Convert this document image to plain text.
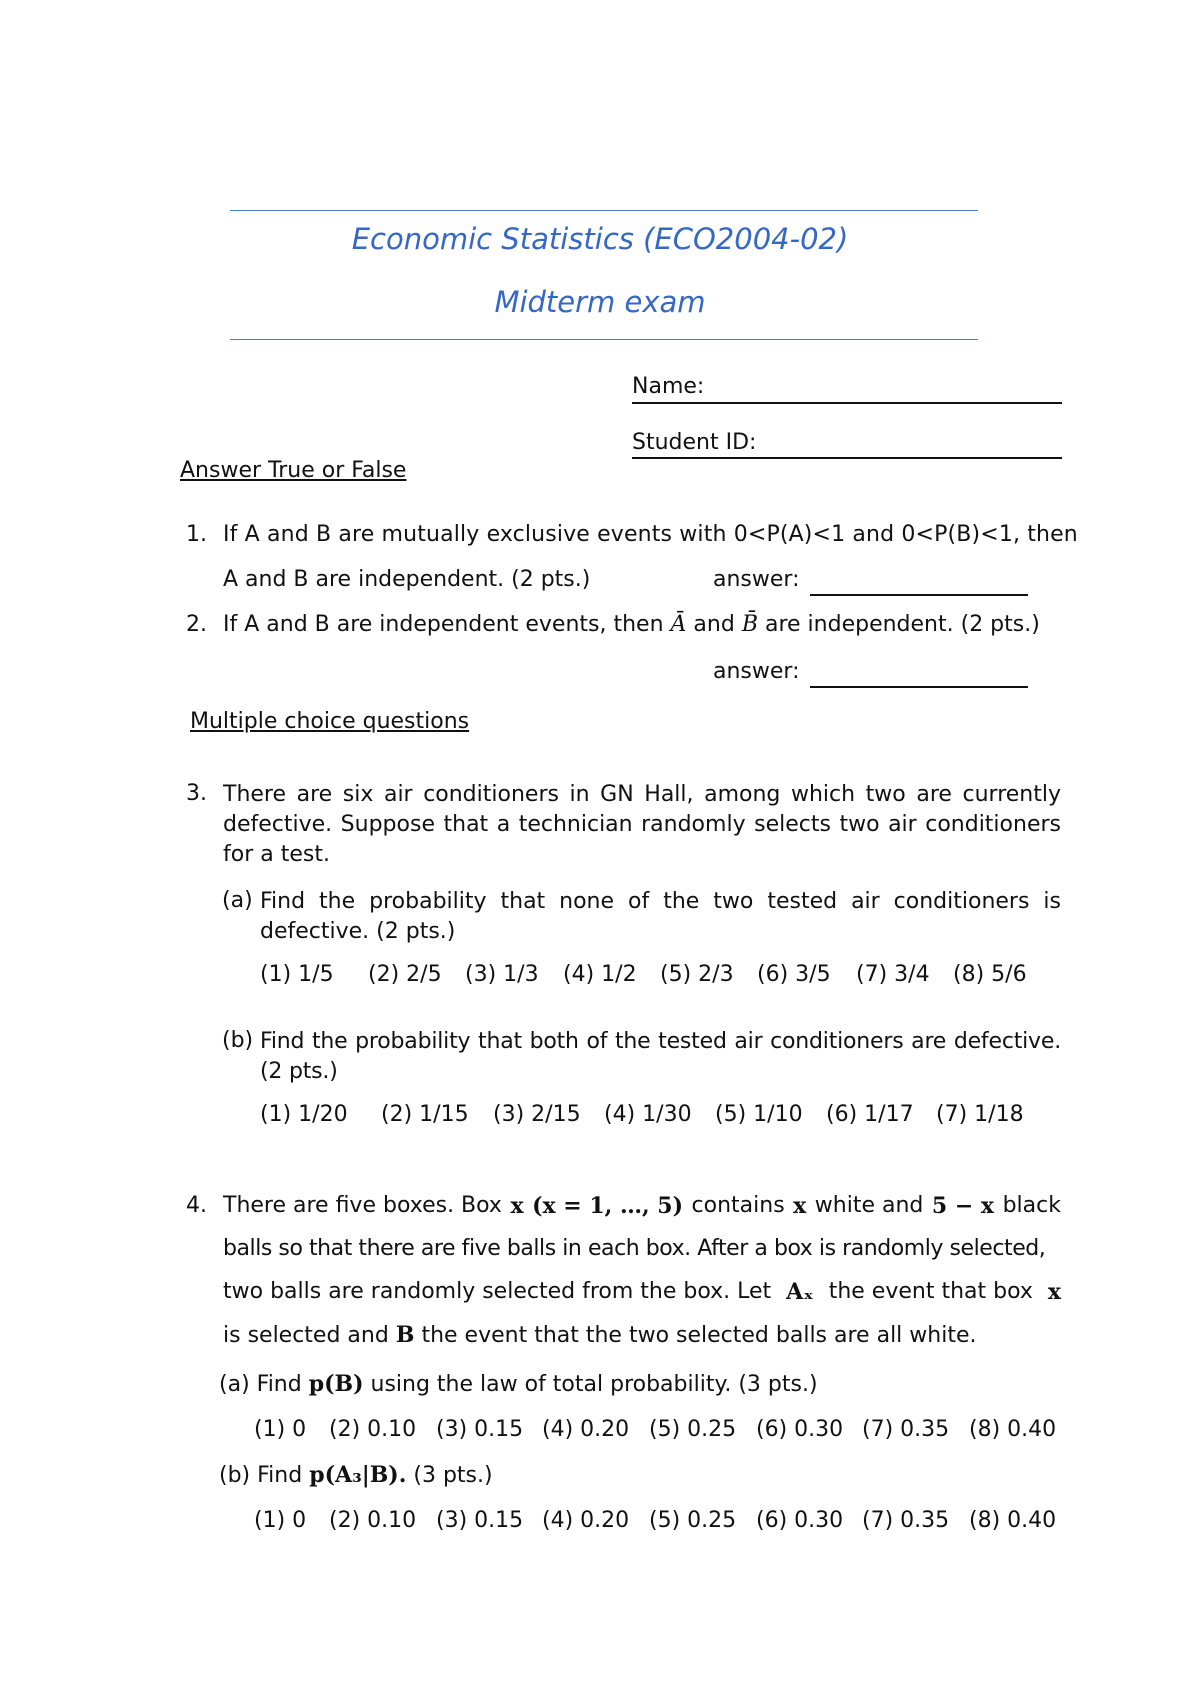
Economic Statistics (ECO2004-02)
Midterm exam
Name:
Student ID:
Answer True or False
1. If A and B are mutually exclusive events with 0<P(A)<1 and 0<P(B)<1, then
A and B are independent. (2 pts.)	answer:
2. If A and B are independent events, then Ā and B̄ are independent. (2 pts.)
answer:
Multiple choice questions
3. There are six air conditioners in GN Hall, among which two are currently defective. Suppose that a technician randomly selects two air conditioners for a test.
(a) Find the probability that none of the two tested air conditioners is defective. (2 pts.)
(1) 1/5 (2) 2/5 (3) 1/3 (4) 1/2 (5) 2/3 (6) 3/5 (7) 3/4 (8) 5/6
(b) Find the probability that both of the tested air conditioners are defective. (2 pts.)
(1) 1/20 (2) 1/15 (3) 2/15 (4) 1/30 (5) 1/10 (6) 1/17 (7) 1/18
4. There are five boxes. Box x (x = 1, …, 5) contains x white and 5 − x black
balls so that there are five balls in each box. After a box is randomly selected,
two balls are randomly selected from the box. Let Aₓ the event that box x
is selected and B the event that the two selected balls are all white.
(a) Find p(B) using the law of total probability. (3 pts.)
(1) 0 (2) 0.10 (3) 0.15 (4) 0.20 (5) 0.25 (6) 0.30 (7) 0.35 (8) 0.40
(b) Find p(A₃|B). (3 pts.)
(1) 0 (2) 0.10 (3) 0.15 (4) 0.20 (5) 0.25 (6) 0.30 (7) 0.35 (8) 0.40
